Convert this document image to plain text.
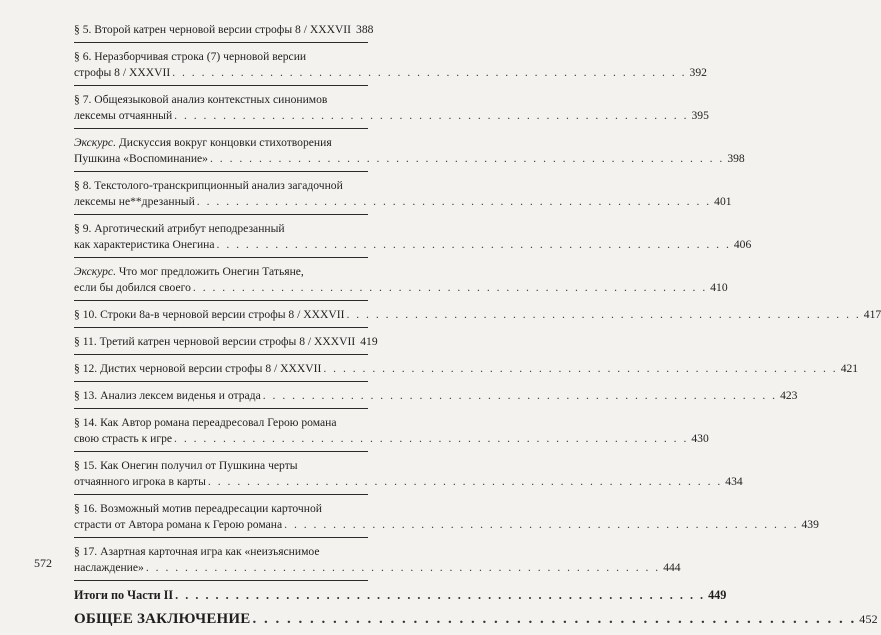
§ 5. Второй катрен черновой версии строфы 8 / XXXVII . . . 388
§ 6. Неразборчивая строка (7) черновой версии
строфы 8 / XXXVII . . .	392
§ 7. Общеязыковой анализ контекстных синонимов
лексемы отчаянный . . .	395
Экскурс. Дискуссия вокруг концовки стихотворения
Пушкина «Воспоминание» . . .	398
§ 8. Текстолого-транскрипционный анализ загадочной
лексемы не**дрезанный . . .	401
§ 9. Арготический атрибут неподрезанный
как характеристика Онегина . . .	406
Экскурс. Что мог предложить Онегин Татьяне,
если бы добился своего . . .	410
§ 10. Строки 8а-в черновой версии строфы 8 / XXXVII . . .	417
§ 11. Третий катрен черновой версии строфы 8 / XXXVII . . . 419
§ 12. Дистих черновой версии строфы 8 / XXXVII . . .	421
§ 13. Анализ лексем виденья и отрада . . .	423
§ 14. Как Автор романа переадресовал Герою романа
свою страсть к игре . . .	430
§ 15. Как Онегин получил от Пушкина черты
отчаянного игрока в карты . . .	434
§ 16. Возможный мотив переадресации карточной
страсти от Автора романа к Герою романа . . .	439
§ 17. Азартная карточная игра как «неизъяснимое
наслаждение» . . .	444
Итоги по Части II . . .	449
ОБЩЕЕ ЗАКЛЮЧЕНИЕ . . .	452
572
